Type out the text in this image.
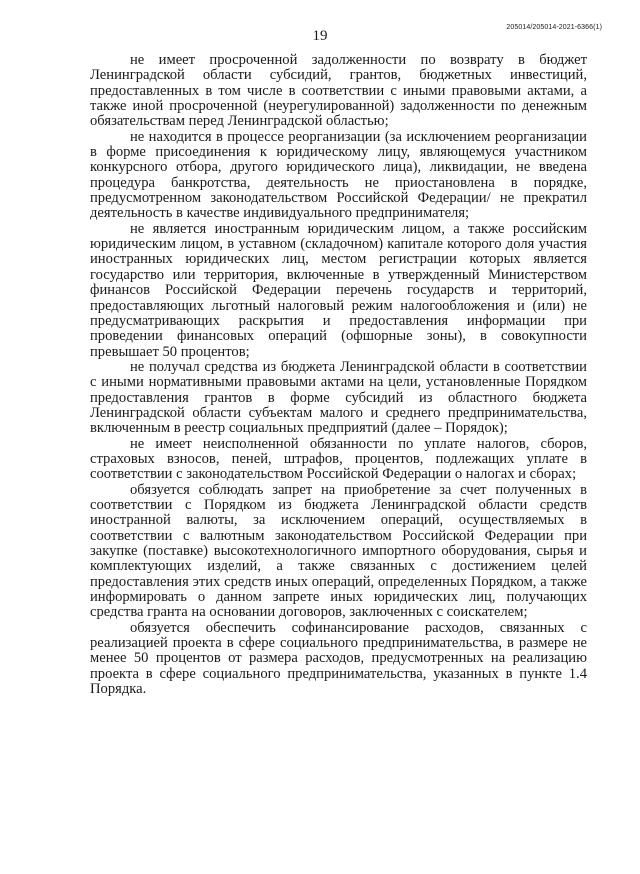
19
205014/205014-2021-6366(1)

не имеет просроченной задолженности по возврату в бюджет Ленинградской области субсидий, грантов, бюджетных инвестиций, предоставленных в том числе в соответствии с иными правовыми актами, а также иной просроченной (неурегулированной) задолженности по денежным обязательствам перед Ленинградской областью;

не находится в процессе реорганизации (за исключением реорганизации в форме присоединения к юридическому лицу, являющемуся участником конкурсного отбора, другого юридического лица), ликвидации, не введена процедура банкротства, деятельность не приостановлена в порядке, предусмотренном законодательством Российской Федерации/ не прекратил деятельность в качестве индивидуального предпринимателя;

не является иностранным юридическим лицом, а также российским юридическим лицом, в уставном (складочном) капитале которого доля участия иностранных юридических лиц, местом регистрации которых является государство или территория, включенные в утвержденный Министерством финансов Российской Федерации перечень государств и территорий, предоставляющих льготный налоговый режим налогообложения и (или) не предусматривающих раскрытия и предоставления информации при проведении финансовых операций (офшорные зоны), в совокупности превышает 50 процентов;

не получал средства из бюджета Ленинградской области в соответствии с иными нормативными правовыми актами на цели, установленные Порядком предоставления грантов в форме субсидий из областного бюджета Ленинградской области субъектам малого и среднего предпринимательства, включенным в реестр социальных предприятий (далее – Порядок);

не имеет неисполненной обязанности по уплате налогов, сборов, страховых взносов, пеней, штрафов, процентов, подлежащих уплате в соответствии с законодательством Российской Федерации о налогах и сборах;

обязуется соблюдать запрет на приобретение за счет полученных в соответствии с Порядком из бюджета Ленинградской области средств иностранной валюты, за исключением операций, осуществляемых в соответствии с валютным законодательством Российской Федерации при закупке (поставке) высокотехнологичного импортного оборудования, сырья и комплектующих изделий, а также связанных с достижением целей предоставления этих средств иных операций, определенных Порядком, а также информировать о данном запрете иных юридических лиц, получающих средства гранта на основании договоров, заключенных с соискателем;

обязуется обеспечить софинансирование расходов, связанных с реализацией проекта в сфере социального предпринимательства, в размере не менее 50 процентов от размера расходов, предусмотренных на реализацию проекта в сфере социального предпринимательства, указанных в пункте 1.4 Порядка.
